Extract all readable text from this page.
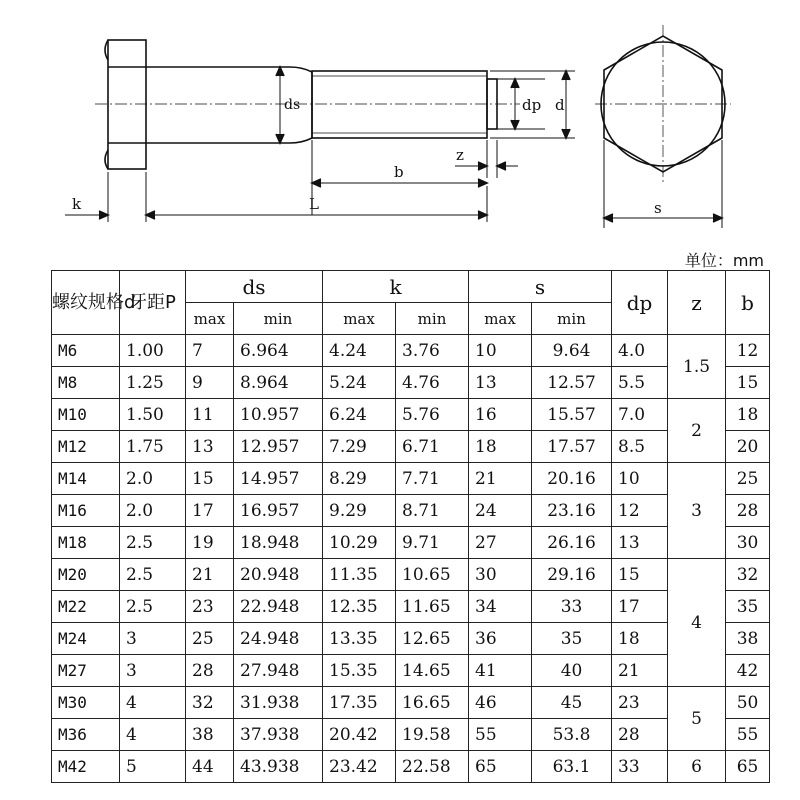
ds	dp d
z
b
k	L	s
单位：mm
螺纹规格d	牙距P	ds		k		s		dp	z	b
		max	min	max	min	max	min			
M6	1.00	7	6.964	4.24	3.76	10	9.64	4.0	1.5	12
M8	1.25	9	8.964	5.24	4.76	13	12.57	5.5		15
M10	1.50	11	10.957	6.24	5.76	16	15.57	7.0	2	18
M12	1.75	13	12.957	7.29	6.71	18	17.57	8.5		20
M14	2.0	15	14.957	8.29	7.71	21	20.16	10	3	25
M16	2.0	17	16.957	9.29	8.71	24	23.16	12		28
M18	2.5	19	18.948	10.29	9.71	27	26.16	13		30
M20	2.5	21	20.948	11.35	10.65	30	29.16	15	4	32
M22	2.5	23	22.948	12.35	11.65	34	33	17		35
M24	3	25	24.948	13.35	12.65	36	35	18		38
M27	3	28	27.948	15.35	14.65	41	40	21		42
M30	4	32	31.938	17.35	16.65	46	45	23	5	50
M36	4	38	37.938	20.42	19.58	55	53.8	28		55
M42	5	44	43.938	23.42	22.58	65	63.1	33	6	65
